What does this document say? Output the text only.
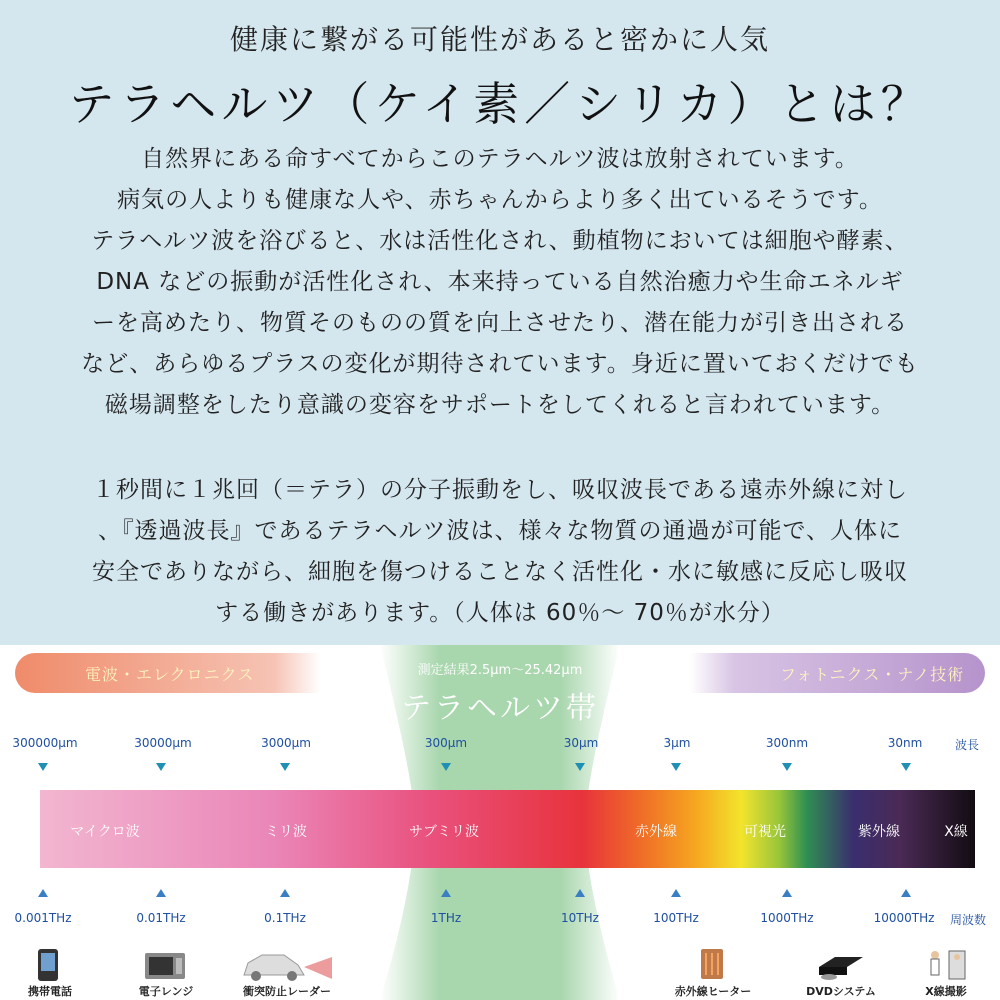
健康に繋がる可能性があると密かに人気
テラヘルツ（ケイ素／シリカ）とは？
自然界にある命すべてからこのテラヘルツ波は放射されています。
病気の人よりも健康な人や、赤ちゃんからより多く出ているそうです。
テラヘルツ波を浴びると、水は活性化され、動植物においては細胞や酵素、
DNA などの振動が活性化され、本来持っている自然治癒力や生命エネルギ
ーを高めたり、物質そのものの質を向上させたり、潜在能力が引き出される
など、あらゆるプラスの変化が期待されています。身近に置いておくだけでも
磁場調整をしたり意識の変容をサポートをしてくれると言われています。
１秒間に１兆回（＝テラ）の分子振動をし、吸収波長である遠赤外線に対し
、『透過波長』であるテラヘルツ波は、様々な物質の通過が可能で、人体に
安全でありながら、細胞を傷つけることなく活性化・水に敏感に反応し吸収
する働きがあります。（人体は 60％～ 70％が水分）
電波・エレクロニクス	フォトニクス・ナノ技術
測定結果2.5µm〜25.42µm
テラヘルツ帯
300000µm	30000µm	3000µm	300µm	30µm	3µm	300nm	30nm	波長
マイクロ波	ミリ波	サブミリ波	赤外線	可視光	紫外線	X線
0.001THz	0.01THz	0.1THz	1THz	10THz	100THz	1000THz	10000THz 周波数
携帯電話	電子レンジ	衝突防止レーダー	赤外線ヒーター	DVDシステム	X線撮影
